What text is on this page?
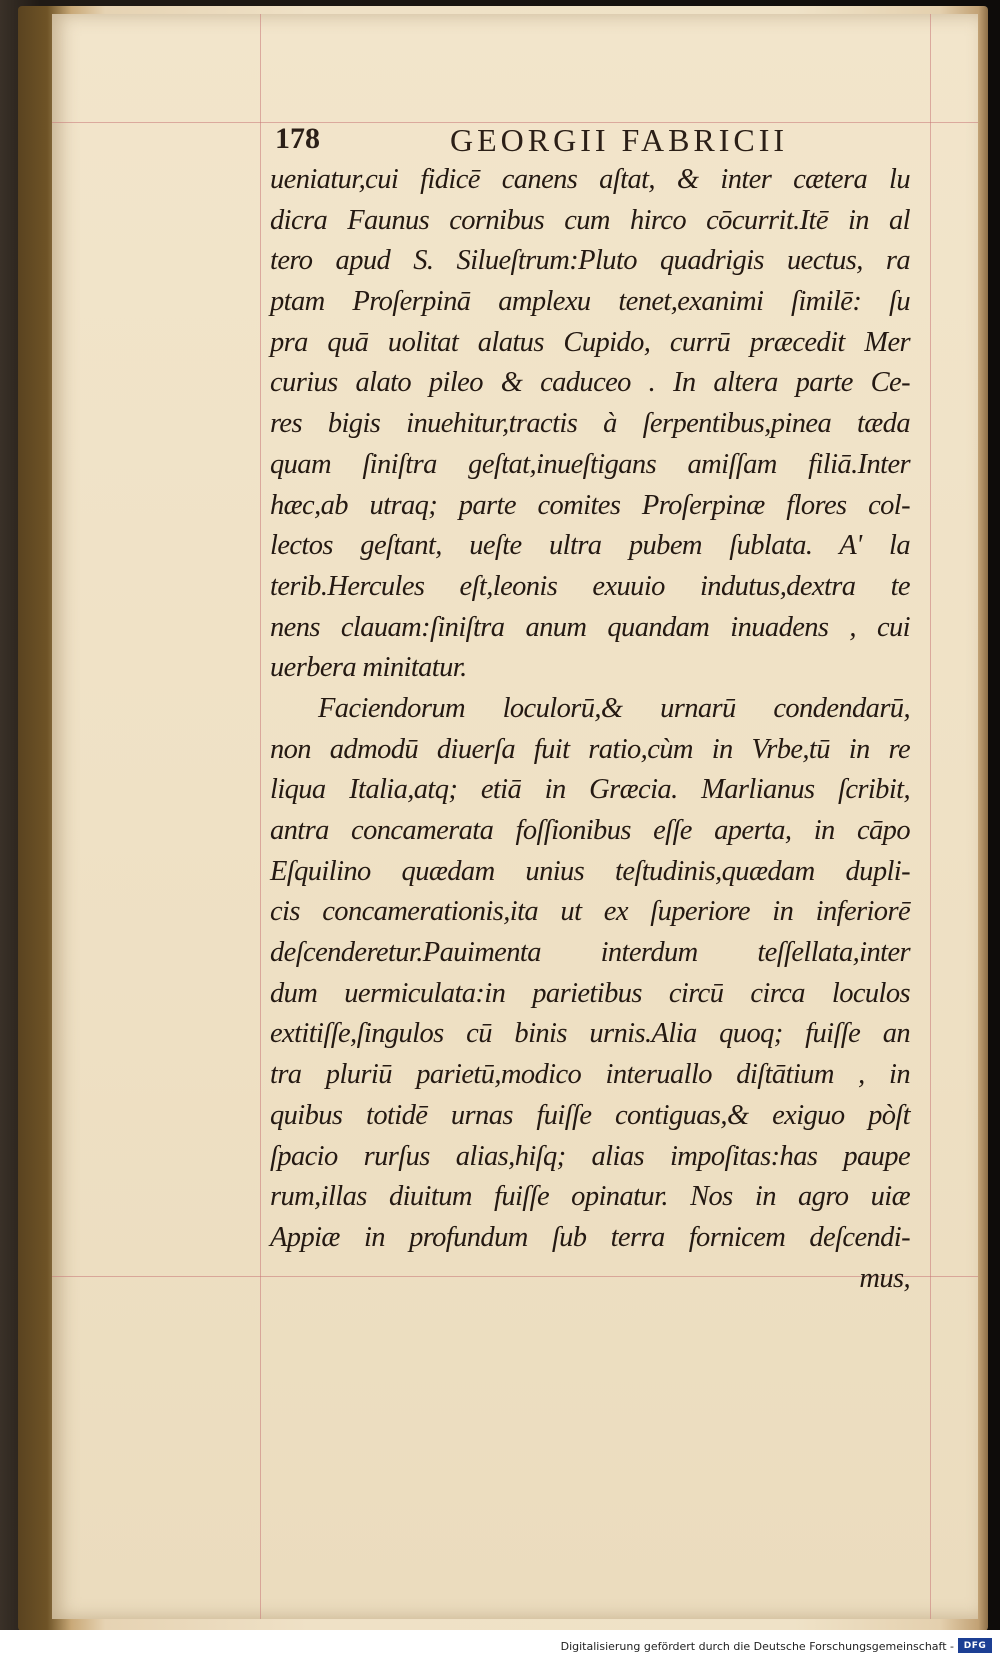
178	GEORGII FABRICII
ueniatur,cui fidicē canens aſtat, & inter cætera lu
dicra Faunus cornibus cum hirco cōcurrit.Itē in al
tero apud S. Silueſtrum:Pluto quadrigis uectus, ra
ptam Proſerpinā amplexu tenet,exanimi ſimilē: ſu
pra quā uolitat alatus Cupido, currū præcedit Mer
curius alato pileo & caduceo . In altera parte Ce-
res bigis inuehitur,tractis à ſerpentibus,pinea tæda
quam ſiniſtra geſtat,inueſtigans amiſſam filiā.Inter
hæc,ab utraq; parte comites Proſerpinæ flores col-
lectos geſtant, ueſte ultra pubem ſublata. A' la
terib.Hercules eſt,leonis exuuio indutus,dextra te
nens clauam:ſiniſtra anum quandam inuadens , cui
uerbera minitatur.
Faciendorum loculorū,& urnarū condendarū,
non admodū diuerſa fuit ratio,cùm in Vrbe,tū in re
liqua Italia,atq; etiā in Græcia. Marlianus ſcribit,
antra concamerata foſſionibus eſſe aperta, in cāpo
Eſquilino quædam unius teſtudinis,quædam dupli-
cis concamerationis,ita ut ex ſuperiore in inferiorē
deſcenderetur.Pauimenta interdum teſſellata,inter
dum uermiculata:in parietibus circū circa loculos
extitiſſe,ſingulos cū binis urnis.Alia quoq; fuiſſe an
tra pluriū parietū,modico interuallo diſtātium , in
quibus totidē urnas fuiſſe contiguas,& exiguo pòſt
ſpacio rurſus alias,hiſq; alias impoſitas:has paupe
rum,illas diuitum fuiſſe opinatur. Nos in agro uiæ
Appiæ in profundum ſub terra fornicem deſcendi-
mus,
Digitalisierung gefördert durch die Deutsche Forschungsgemeinschaft -	DFG
